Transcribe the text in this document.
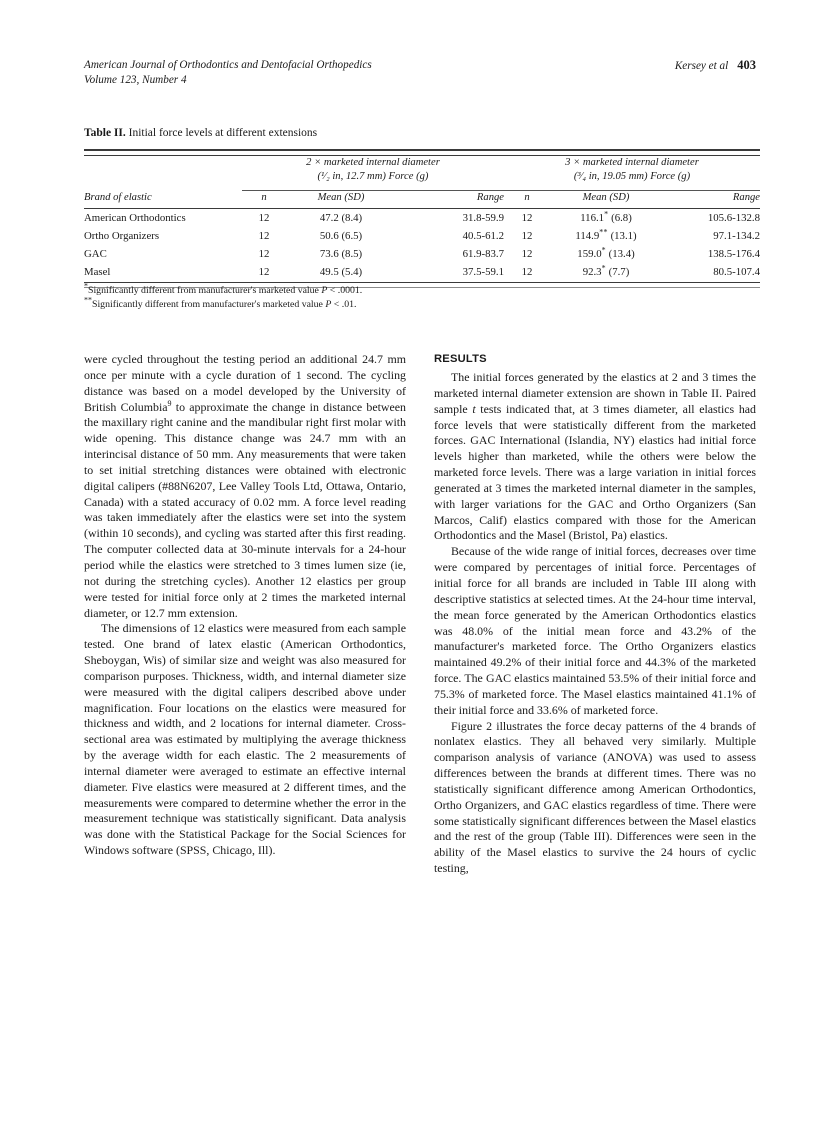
American Journal of Orthodontics and Dentofacial Orthopedics
Volume 123, Number 4
Kersey et al 403
Table II. Initial force levels at different extensions

	2 × marketed internal diameter
(¹⁄₂ in, 12.7 mm) Force (g)			3 × marketed internal diameter
(³⁄₄ in, 19.05 mm) Force (g)		

Brand of elastic	n	Mean (SD)	Range	n	Mean (SD)	Range

American Orthodontics	12	47.2 (8.4)	31.8-59.9	12	116.1* (6.8)	105.6-132.8
Ortho Organizers	12	50.6 (6.5)	40.5-61.2	12	114.9** (13.1)	97.1-134.2
GAC	12	73.6 (8.5)	61.9-83.7	12	159.0* (13.4)	138.5-176.4
Masel	12	49.5 (5.4)	37.5-59.1	12	92.3* (7.7)	80.5-107.4

*Significantly different from manufacturer's marketed value P < .0001.
**Significantly different from manufacturer's marketed value P < .01.

were cycled throughout the testing period an additional 24.7 mm once per minute with a cycle duration of 1 second. The cycling distance was based on a model developed by the University of British Columbia$^9$ to approximate the change in distance between the maxillary right canine and the mandibular right first molar with wide opening. This distance change was 24.7 mm with an interincisal distance of 50 mm. Any measurements that were taken to set initial stretching distances were obtained with electronic digital calipers (#88N6207, Lee Valley Tools Ltd, Ottawa, Ontario, Canada) with a stated accuracy of 0.02 mm. A force level reading was taken immediately after the elastics were set into the system (within 10 seconds), and cycling was started after this first reading. The computer collected data at 30-minute intervals for a 24-hour period while the elastics were stretched to 3 times lumen size (ie, not during the stretching cycles). Another 12 elastics per group were tested for initial force only at 2 times the marketed internal diameter, or 12.7 mm extension.

The dimensions of 12 elastics were measured from each sample tested. One brand of latex elastic (American Orthodontics, Sheboygan, Wis) of similar size and weight was also measured for comparison purposes. Thickness, width, and internal diameter size were measured with the digital calipers described above under magnification. Four locations on the elastics were measured for thickness and width, and 2 locations for internal diameter. Cross-sectional area was estimated by multiplying the average thickness by the average width for each elastic. The 2 measurements of internal diameter were averaged to estimate an effective internal diameter. Five elastics were measured at 2 different times, and the measurements were compared to determine whether the error in the measurement technique was statistically significant. Data analysis was done with the Statistical Package for the Social Sciences for Windows software (SPSS, Chicago, Ill).

RESULTS

The initial forces generated by the elastics at 2 and 3 times the marketed internal diameter extension are shown in Table II. Paired sample t tests indicated that, at 3 times diameter, all elastics had force levels that were statistically different from the marketed forces. GAC International (Islandia, NY) elastics had initial force levels higher than marketed, while the others were below the marketed force levels. There was a large variation in initial forces generated at 3 times the marketed internal diameter in the samples, with larger variations for the GAC and Ortho Organizers (San Marcos, Calif) elastics compared with those for the American Orthodontics and the Masel (Bristol, Pa) elastics.

Because of the wide range of initial forces, decreases over time were compared by percentages of initial force. Percentages of initial force for all brands are included in Table III along with descriptive statistics at selected times. At the 24-hour time interval, the mean force generated by the American Orthodontics elastics was 48.0% of the initial mean force and 43.2% of the manufacturer's marketed force. The Ortho Organizers elastics maintained 49.2% of their initial force and 44.3% of the marketed force. The GAC elastics maintained 53.5% of their initial force and 75.3% of marketed force. The Masel elastics maintained 41.1% of their initial force and 33.6% of marketed force.

Figure 2 illustrates the force decay patterns of the 4 brands of nonlatex elastics. They all behaved very similarly. Multiple comparison analysis of variance (ANOVA) was used to assess differences between the brands at different times. There was no statistically significant difference among American Orthodontics, Ortho Organizers, and GAC elastics regardless of time. There were some statistically significant differences between the Masel elastics and the rest of the group (Table III). Differences were seen in the ability of the Masel elastics to survive the 24 hours of cyclic testing,
